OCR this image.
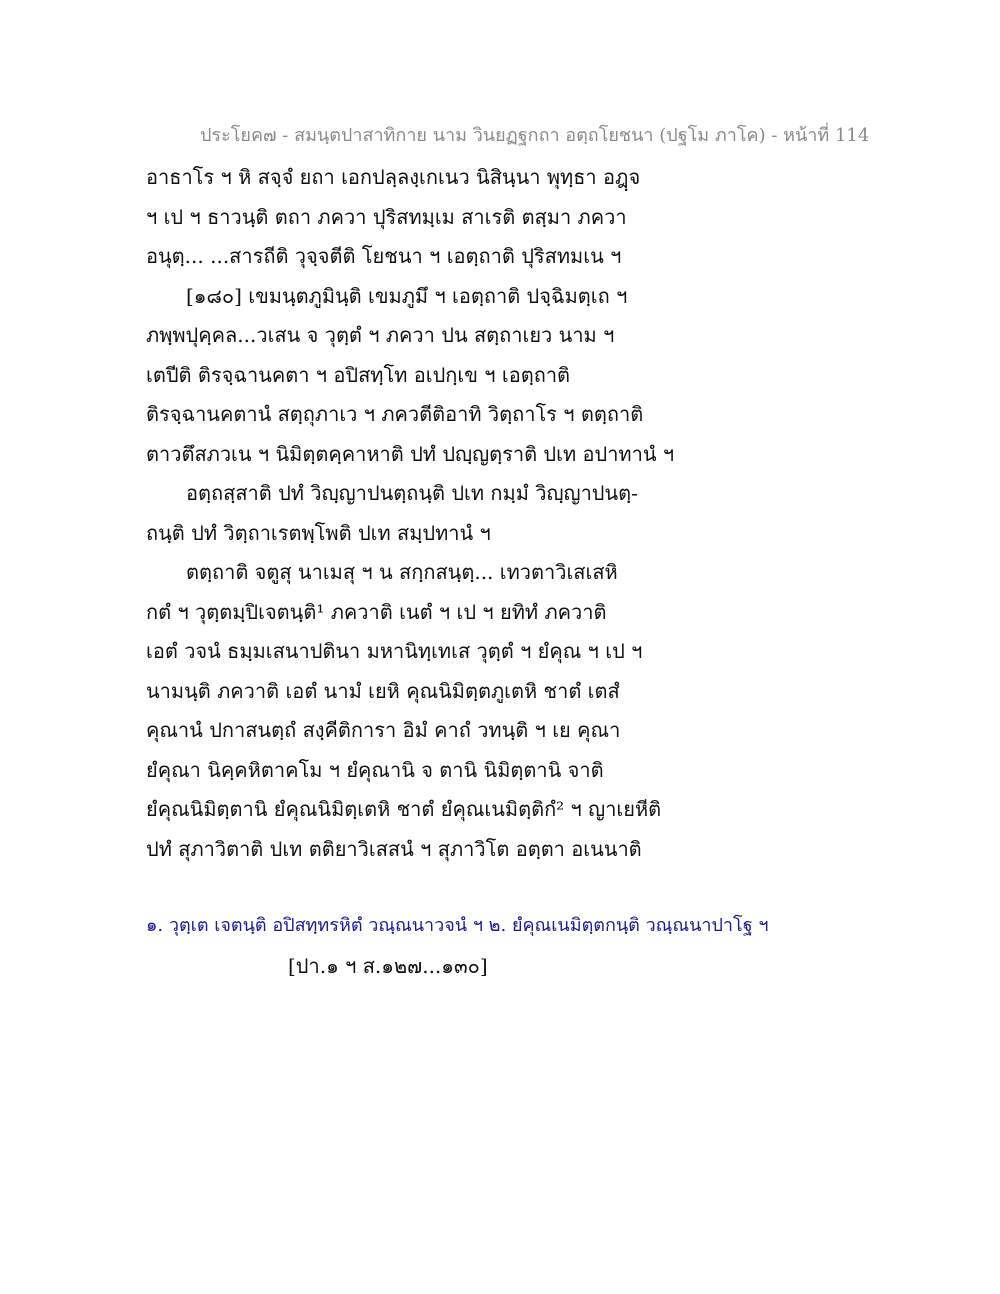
ประโยค๗ - สมนฺตปาสาทิกาย นาม วินยฏฐกถา อตฺถโยชนา (ปฐโม ภาโค) - หน้าที่ 114
อาธาโร ฯ หิ สจฺจํ ยถา เอกปลฺลงฺเกเนว นิสินฺนา พุทฺธา อฎฺจ
ฯ เป ฯ ธาวนฺติ ตถา ภควา ปุริสทมฺเม สาเรติ ตสฺมา ภควา
อนุตฺ... ...สารถีติ วุจฺจตีติ โยชนา ฯ เอตฺถาติ ปุริสทมเน ฯ
[๑๘๐] เขมนฺตภูมินฺติ เขมภูมึ ฯ เอตฺถาติ ปจฺฉิมตฺเถ ฯ
ภพฺพปุคฺคล...วเสน จ วุตฺตํ ฯ ภควา ปน สตฺถาเยว นาม ฯ
เตปีติ ติรจฺฉานคตา ฯ อปิสทฺโท อเปกฺเข ฯ เอตฺถาติ
ติรจฺฉานคตานํ สตฺถุภาเว ฯ ภควตีติอาทิ วิตฺถาโร ฯ ตตฺถาติ
ตาวตึสภวเน ฯ นิมิตฺตคฺคาหาติ ปทํ ปญฺญตฺราติ ปเท อปาทานํ ฯ
อตฺถสฺสาติ ปทํ วิญฺญาปนตฺถนฺติ ปเท กมฺมํ วิญฺญาปนตฺ-
ถนฺติ ปทํ วิตฺถาเรตพฺโพติ ปเท สมฺปทานํ ฯ
ตตฺถาติ จตูสุ นาเมสุ ฯ น สกฺกสนฺตฺ... เทวตาวิเสเสหิ
กตํ ฯ วุตฺตมฺปิเจตนฺติ¹ ภควาติ เนตํ ฯ เป ฯ ยทิทํ ภควาติ
เอตํ วจนํ ธมฺมเสนาปตินา มหานิทฺเทเส วุตฺตํ ฯ ยํคุณ ฯ เป ฯ
นามนฺติ ภควาติ เอตํ นามํ เยหิ คุณนิมิตฺตภูเตหิ ชาตํ เตสํ
คุณานํ ปกาสนตฺถํ สงฺคีติการา อิมํ คาถํ วทนฺติ ฯ เย คุณา
ยํคุณา นิคฺคหิตาคโม ฯ ยํคุณานิ จ ตานิ นิมิตฺตานิ จาติ
ยํคุณนิมิตฺตานิ ยํคุณนิมิตฺเตหิ ชาตํ ยํคุณเนมิตฺติกํ² ฯ ญาเยหีติ
ปทํ สุภาวิตาติ ปเท ตติยาวิเสสนํ ฯ สุภาวิโต อตฺตา อเนนาติ
๑. วุตฺเต เจตนฺติ อปิสทฺทรหิตํ วณฺณนาวจนํ ฯ ๒. ยํคุณเนมิตฺตกนฺติ วณฺณนาปาโฐ ฯ
[ปา.๑ ฯ ส.๑๒๗...๑๓๐]
